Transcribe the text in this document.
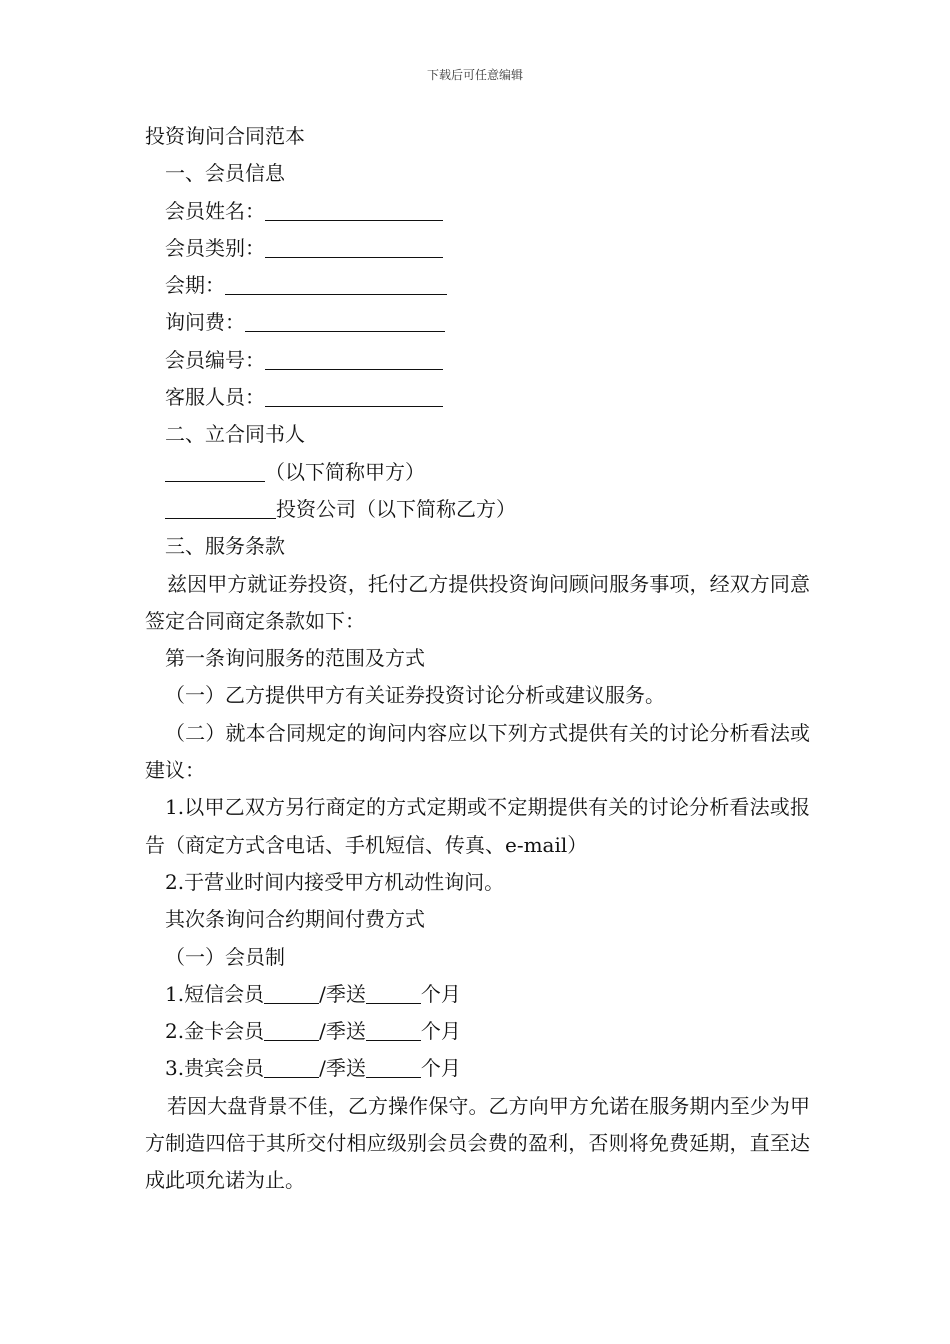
下载后可任意编辑
投资询问合同范本
一、会员信息
会员姓名：
会员类别：
会期：
询问费：
会员编号：
客服人员：
二、立合同书人
（以下简称甲方）
投资公司（以下简称乙方）
三、服务条款
兹因甲方就证券投资，托付乙方提供投资询问顾问服务事项，经双方同意签定合同商定条款如下：
第一条询问服务的范围及方式
（一）乙方提供甲方有关证券投资讨论分析或建议服务。
（二）就本合同规定的询问内容应以下列方式提供有关的讨论分析看法或建议：
1.以甲乙双方另行商定的方式定期或不定期提供有关的讨论分析看法或报告（商定方式含电话、手机短信、传真、e-mail）
2.于营业时间内接受甲方机动性询问。
其次条询问合约期间付费方式
（一）会员制
1.短信会员	/季送	个月
2.金卡会员	/季送	个月
3.贵宾会员	/季送	个月
若因大盘背景不佳，乙方操作保守。乙方向甲方允诺在服务期内至少为甲方制造四倍于其所交付相应级别会员会费的盈利，否则将免费延期，直至达成此项允诺为止。
